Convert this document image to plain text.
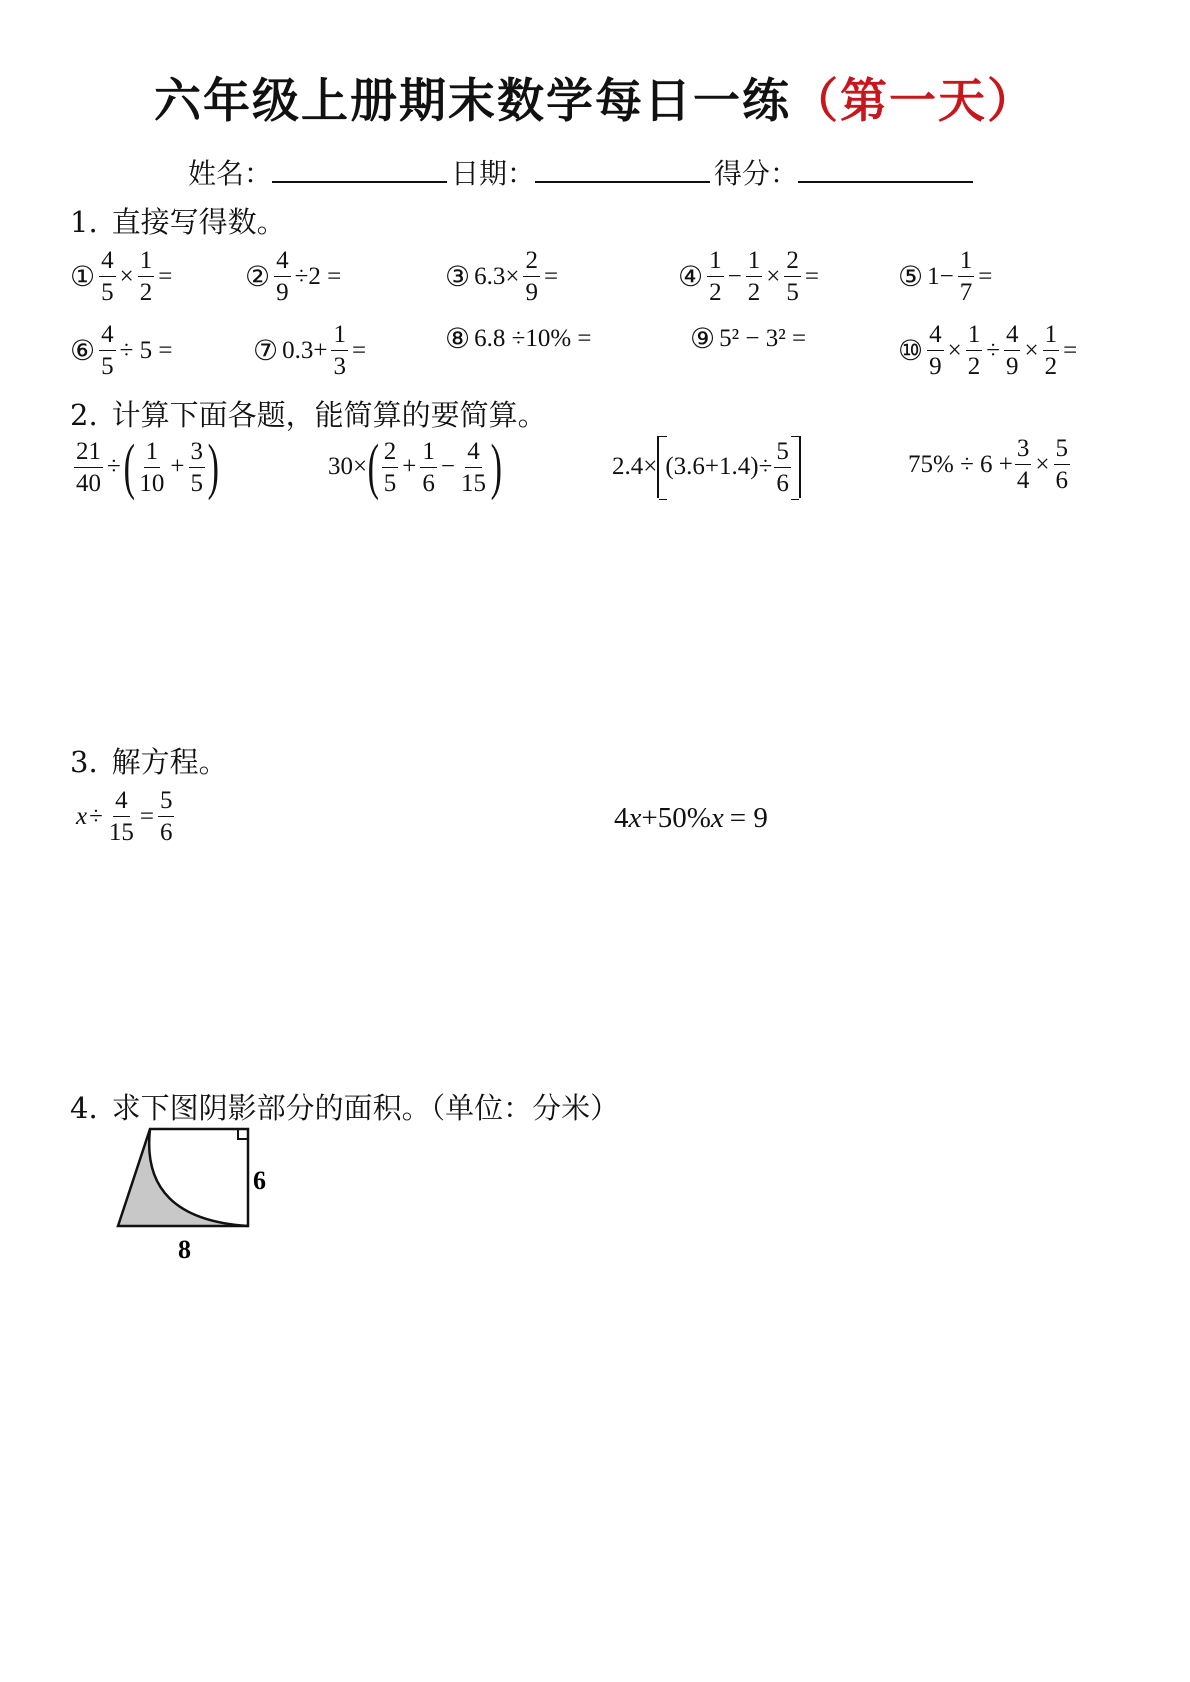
六年级上册期末数学每日一练（第一天）
姓名：	日期：	得分：
1. 直接写得数。
① $\frac{4}{5} \times \frac{1}{2}$ =	② $\frac{4}{9} \div 2$ =	③ $6.3\times \frac{2}{9}$ =	④ $\frac{1}{2} - \frac{1}{2} \times \frac{2}{5}$ =	⑤ $1- \frac{1}{7}$ =
⑥ $\frac{4}{5} \div 5$ =	⑦ $0.3+ \frac{1}{3}$ =	⑧ 6.8 ÷10% =	⑨ 5² − 3² =	⑩ $\frac{4}{9} \times \frac{1}{2} \div \frac{4}{9} \times \frac{1}{2}$ =
2. 计算下面各题，能简算的要简算。
$\frac{21}{40}$ ÷ ( $\frac{1}{10} + \frac{3}{5}$ )	30× ( $\frac{2}{5} + \frac{1}{6} - \frac{4}{15}$ )	$2.4\times (3.6+1.4)\div \frac{5}{6}$	$75\% \div 6 + \frac{3}{4} \times \frac{5}{6}$
3. 解方程。
$x \div \frac{4}{15} = \frac{5}{6}$	4 x +50% x = 9
4. 求下图阴影部分的面积。（单位：分米）
6
8
